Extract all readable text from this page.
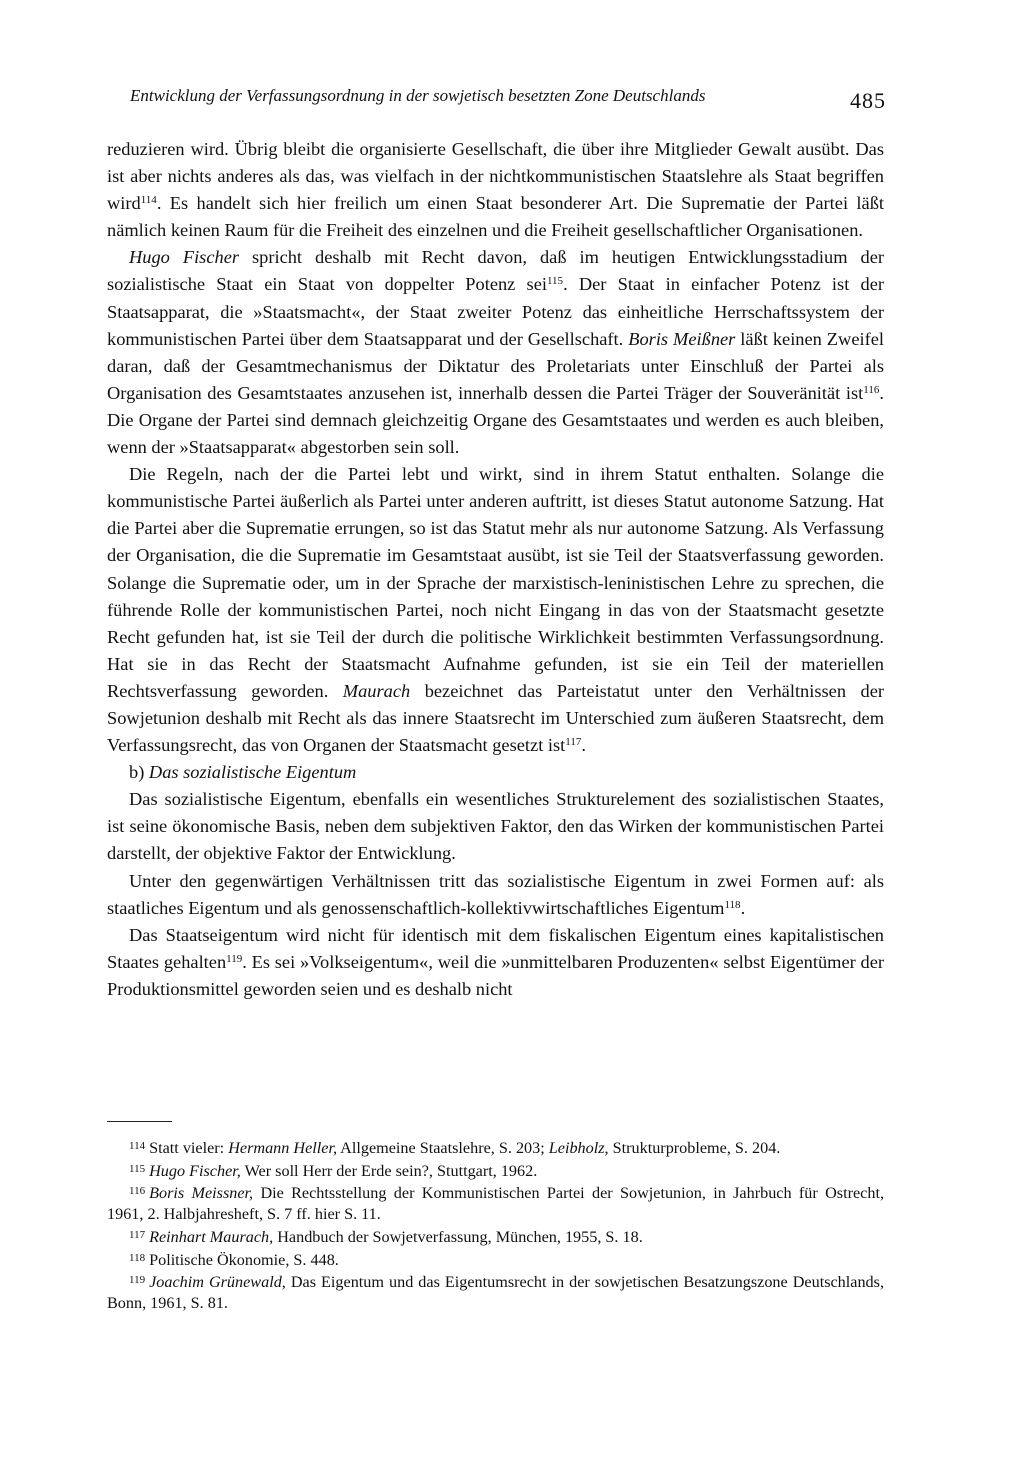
Entwicklung der Verfassungsordnung in der sowjetisch besetzten Zone Deutschlands	485

reduzieren wird. Übrig bleibt die organisierte Gesellschaft, die über ihre Mitglieder Gewalt ausübt. Das ist aber nichts anderes als das, was vielfach in der nichtkommunistischen Staatslehre als Staat begriffen wird$^{114}$. Es handelt sich hier freilich um einen Staat besonderer Art. Die Suprematie der Partei läßt nämlich keinen Raum für die Freiheit des einzelnen und die Freiheit gesellschaftlicher Organisationen.

Hugo Fischer spricht deshalb mit Recht davon, daß im heutigen Entwicklungsstadium der sozialistische Staat ein Staat von doppelter Potenz sei$^{115}$. Der Staat in einfacher Potenz ist der Staatsapparat, die »Staatsmacht«, der Staat zweiter Potenz das einheitliche Herrschaftssystem der kommunistischen Partei über dem Staatsapparat und der Gesellschaft. Boris Meißner läßt keinen Zweifel daran, daß der Gesamtmechanismus der Diktatur des Proletariats unter Einschluß der Partei als Organisation des Gesamtstaates anzusehen ist, innerhalb dessen die Partei Träger der Souveränität ist$^{116}$. Die Organe der Partei sind demnach gleichzeitig Organe des Gesamtstaates und werden es auch bleiben, wenn der »Staatsapparat« abgestorben sein soll.

Die Regeln, nach der die Partei lebt und wirkt, sind in ihrem Statut enthalten. Solange die kommunistische Partei äußerlich als Partei unter anderen auftritt, ist dieses Statut autonome Satzung. Hat die Partei aber die Suprematie errungen, so ist das Statut mehr als nur autonome Satzung. Als Verfassung der Organisation, die die Suprematie im Gesamtstaat ausübt, ist sie Teil der Staatsverfassung geworden. Solange die Suprematie oder, um in der Sprache der marxistisch-leninistischen Lehre zu sprechen, die führende Rolle der kommunistischen Partei, noch nicht Eingang in das von der Staatsmacht gesetzte Recht gefunden hat, ist sie Teil der durch die politische Wirklichkeit bestimmten Verfassungsordnung. Hat sie in das Recht der Staatsmacht Aufnahme gefunden, ist sie ein Teil der materiellen Rechtsverfassung geworden. Maurach bezeichnet das Parteistatut unter den Verhältnissen der Sowjetunion deshalb mit Recht als das innere Staatsrecht im Unterschied zum äußeren Staatsrecht, dem Verfassungsrecht, das von Organen der Staatsmacht gesetzt ist$^{117}$.

b) Das sozialistische Eigentum

Das sozialistische Eigentum, ebenfalls ein wesentliches Strukturelement des sozialistischen Staates, ist seine ökonomische Basis, neben dem subjektiven Faktor, den das Wirken der kommunistischen Partei darstellt, der objektive Faktor der Entwicklung.

Unter den gegenwärtigen Verhältnissen tritt das sozialistische Eigentum in zwei Formen auf: als staatliches Eigentum und als genossenschaftlich-kollektivwirtschaftliches Eigentum$^{118}$.

Das Staatseigentum wird nicht für identisch mit dem fiskalischen Eigentum eines kapitalistischen Staates gehalten$^{119}$. Es sei »Volkseigentum«, weil die »unmittelbaren Produzenten« selbst Eigentümer der Produktionsmittel geworden seien und es deshalb nicht

$^{114}$ Statt vieler: Hermann Heller, Allgemeine Staatslehre, S. 203; Leibholz, Strukturprobleme, S. 204.

$^{115}$ Hugo Fischer, Wer soll Herr der Erde sein?, Stuttgart, 1962.

$^{116}$ Boris Meissner, Die Rechtsstellung der Kommunistischen Partei der Sowjetunion, in Jahrbuch für Ostrecht, 1961, 2. Halbjahresheft, S. 7 ff. hier S. 11.

$^{117}$ Reinhart Maurach, Handbuch der Sowjetverfassung, München, 1955, S. 18.

$^{118}$ Politische Ökonomie, S. 448.

$^{119}$ Joachim Grünewald, Das Eigentum und das Eigentumsrecht in der sowjetischen Besatzungszone Deutschlands, Bonn, 1961, S. 81.
